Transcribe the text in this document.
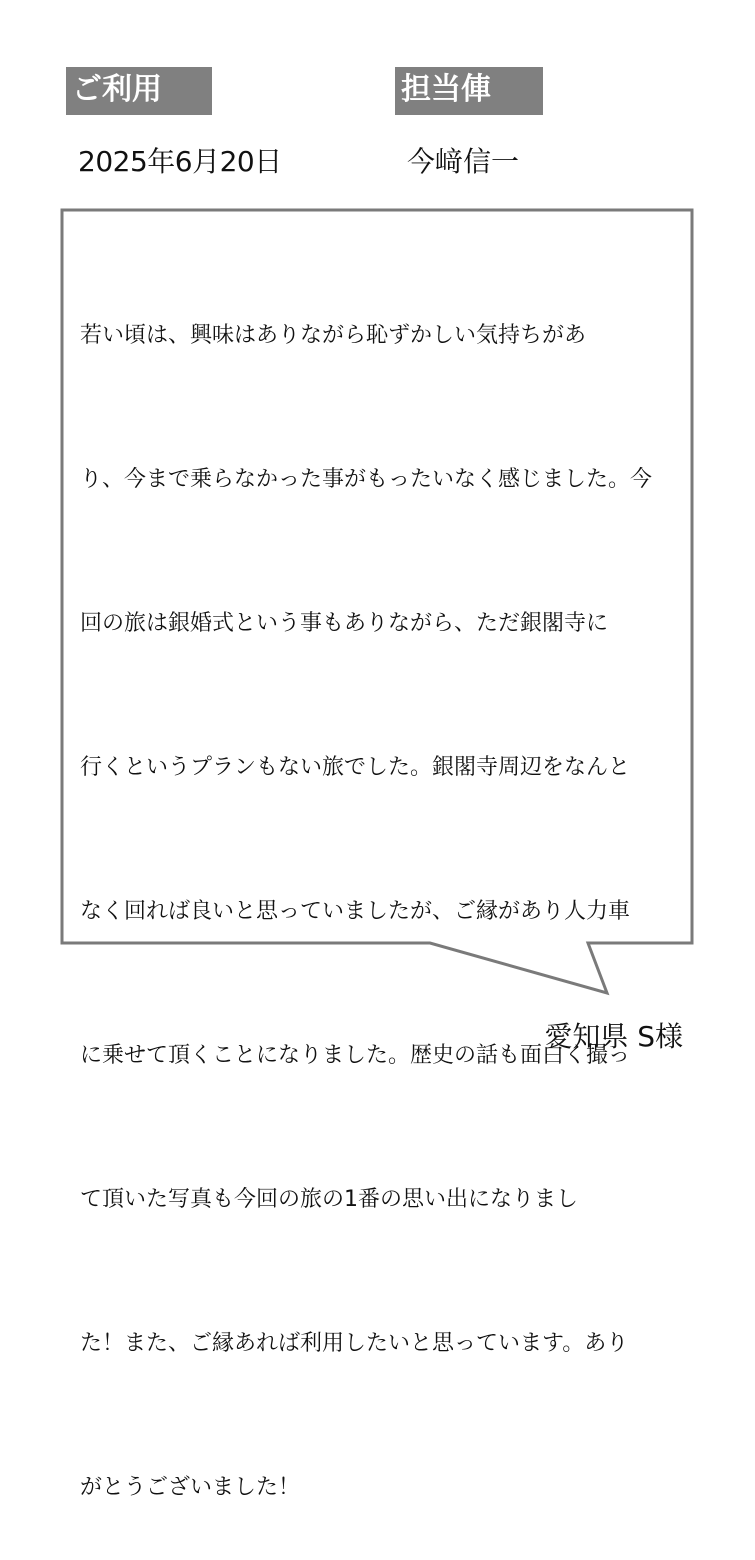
ご利用	担当俥
2025年6月20日	今﨑信一

若い頃は、興味はありながら恥ずかしい気持ちがあ

り、今まで乗らなかった事がもったいなく感じました。今

回の旅は銀婚式という事もありながら、ただ銀閣寺に

行くというプランもない旅でした。銀閣寺周辺をなんと

なく回れば良いと思っていましたが、ご縁があり人力車

に乗せて頂くことになりました。歴史の話も面白く撮っ

て頂いた写真も今回の旅の1番の思い出になりまし

た！また、ご縁あれば利用したいと思っています。あり

がとうございました！

愛知県 S様
